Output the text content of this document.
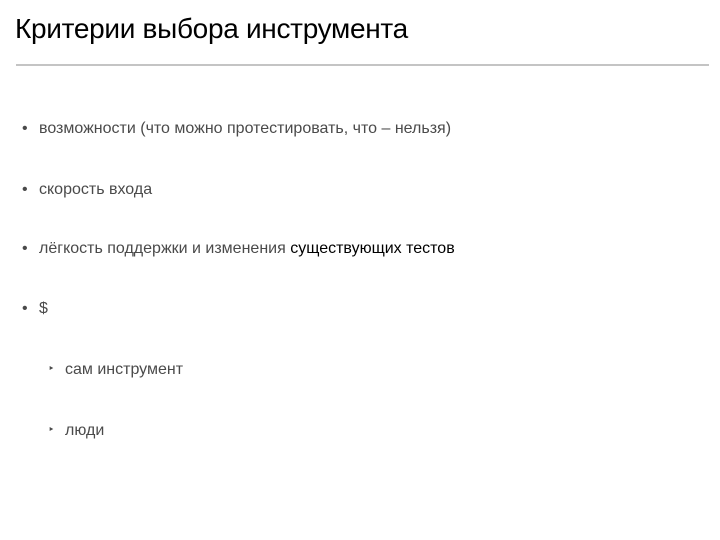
Критерии выбора инструмента
• возможности (что можно протестировать, что – нельзя)
• скорость входа
• лёгкость поддержки и изменения существующих тестов
• $
‣ сам инструмент
‣ люди
